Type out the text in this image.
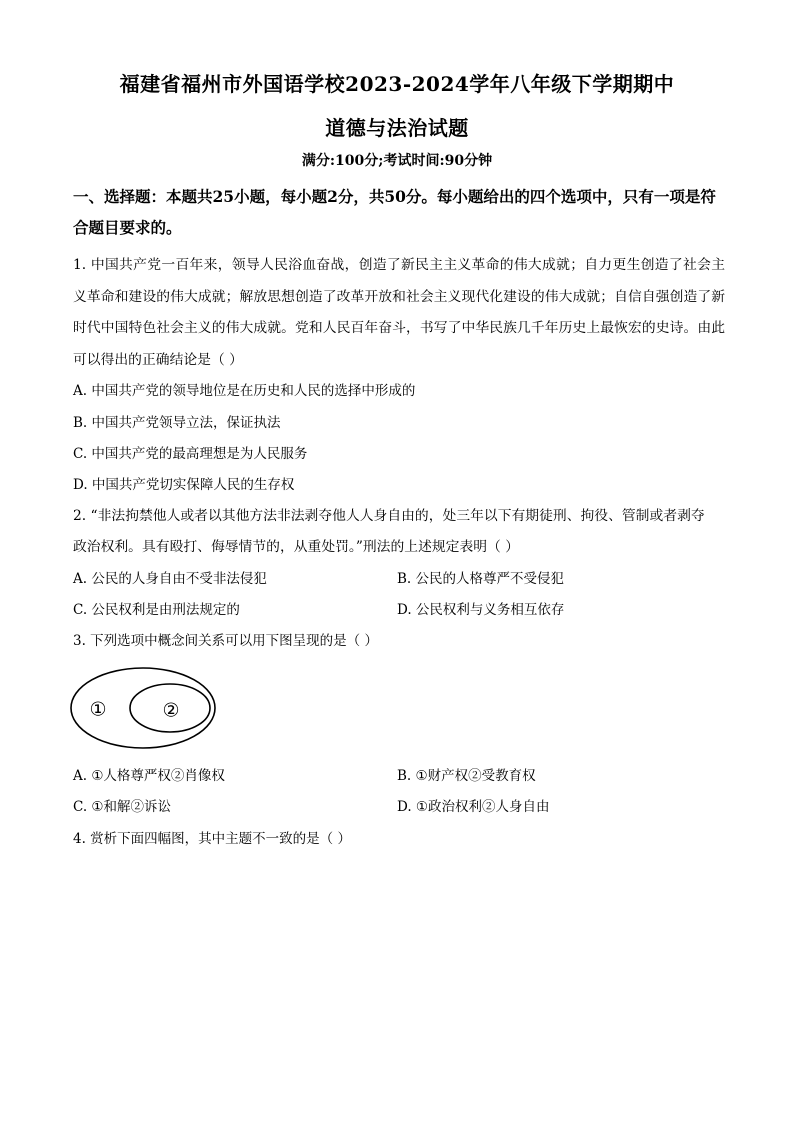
福建省福州市外国语学校2023-2024学年八年级下学期期中
道德与法治试题
满分:100分;考试时间:90分钟
一、选择题：本题共25小题，每小题2分，共50分。每小题给出的四个选项中，只有一项是符合题目要求的。
1. 中国共产党一百年来，领导人民浴血奋战，创造了新民主主义革命的伟大成就；自力更生创造了社会主义革命和建设的伟大成就；解放思想创造了改革开放和社会主义现代化建设的伟大成就；自信自强创造了新时代中国特色社会主义的伟大成就。党和人民百年奋斗，书写了中华民族几千年历史上最恢宏的史诗。由此可以得出的正确结论是（ ）
A. 中国共产党的领导地位是在历史和人民的选择中形成的
B. 中国共产党领导立法，保证执法
C. 中国共产党的最高理想是为人民服务
D. 中国共产党切实保障人民的生存权
2. “非法拘禁他人或者以其他方法非法剥夺他人人身自由的，处三年以下有期徒刑、拘役、管制或者剥夺
政治权利。具有殴打、侮辱情节的，从重处罚。”刑法的上述规定表明（ ）
A. 公民的人身自由不受非法侵犯	B. 公民的人格尊严不受侵犯
C. 公民权利是由刑法规定的	D. 公民权利与义务相互依存
3. 下列选项中概念间关系可以用下图呈现的是（ ）
①	②
A. ①人格尊严权②肖像权	B. ①财产权②受教育权
C. ①和解②诉讼	D. ①政治权利②人身自由
4. 赏析下面四幅图，其中主题不一致的是（ ）
